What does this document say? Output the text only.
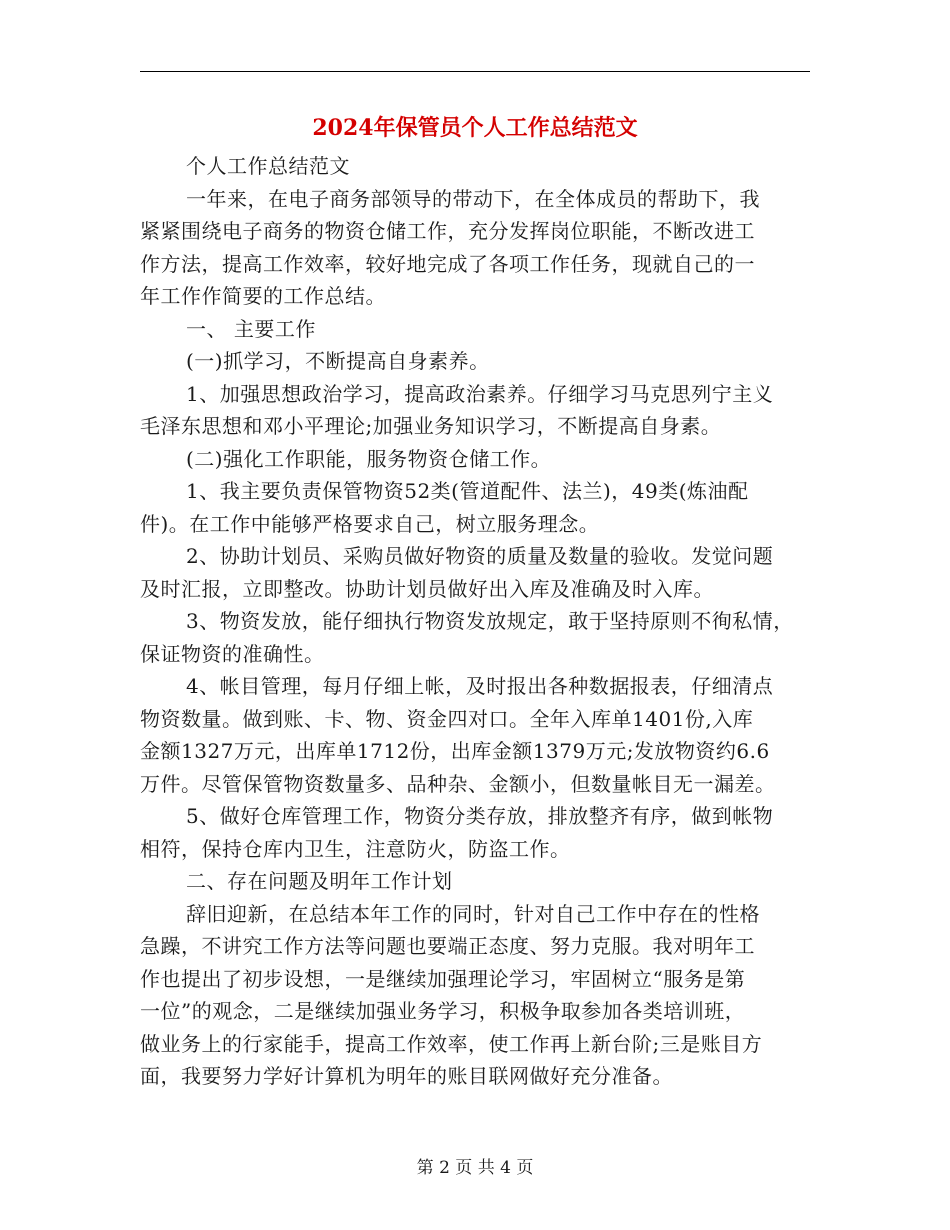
2024年保管员个人工作总结范文
个人工作总结范文
一年来，在电子商务部领导的带动下，在全体成员的帮助下，我
紧紧围绕电子商务的物资仓储工作，充分发挥岗位职能，不断改进工
作方法，提高工作效率，较好地完成了各项工作任务，现就自己的一
年工作作简要的工作总结。
一、 主要工作
(一)抓学习，不断提高自身素养。
1、加强思想政治学习，提高政治素养。仔细学习马克思列宁主义
毛泽东思想和邓小平理论;加强业务知识学习，不断提高自身素。
(二)强化工作职能，服务物资仓储工作。
1、我主要负责保管物资52类(管道配件、法兰)，49类(炼油配
件)。在工作中能够严格要求自己，树立服务理念。
2、协助计划员、采购员做好物资的质量及数量的验收。发觉问题
及时汇报，立即整改。协助计划员做好出入库及准确及时入库。
3、物资发放，能仔细执行物资发放规定，敢于坚持原则不徇私情，
保证物资的准确性。
4、帐目管理，每月仔细上帐，及时报出各种数据报表，仔细清点
物资数量。做到账、卡、物、资金四对口。全年入库单1401份,入库
金额1327万元，出库单1712份，出库金额1379万元;发放物资约6.6
万件。尽管保管物资数量多、品种杂、金额小，但数量帐目无一漏差。
5、做好仓库管理工作，物资分类存放，排放整齐有序，做到帐物
相符，保持仓库内卫生，注意防火，防盗工作。
二、存在问题及明年工作计划
辞旧迎新，在总结本年工作的同时，针对自己工作中存在的性格
急躁，不讲究工作方法等问题也要端正态度、努力克服。我对明年工
作也提出了初步设想，一是继续加强理论学习，牢固树立“服务是第
一位”的观念，二是继续加强业务学习，积极争取参加各类培训班，
做业务上的行家能手，提高工作效率，使工作再上新台阶;三是账目方
面，我要努力学好计算机为明年的账目联网做好充分准备。
第 2 页 共 4 页
